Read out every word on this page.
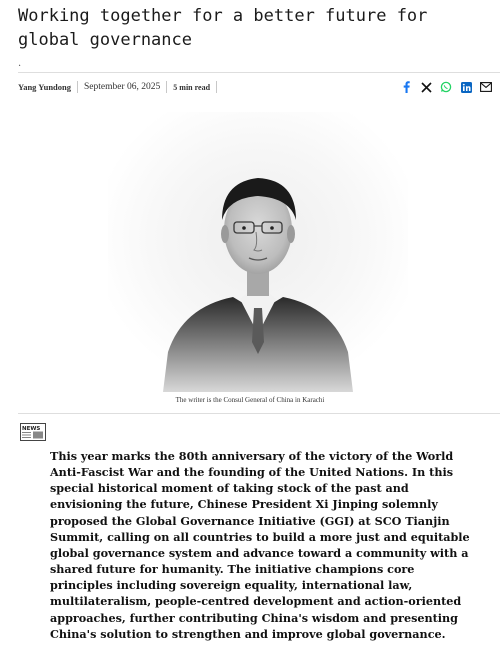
Working together for a better future for global governance
.
Yang Yundong September 06, 2025 5 min read
The writer is the Consul General of China in Karachi
NEWS

This year marks the 80th anniversary of the victory of the World Anti-Fascist War and the founding of the United Nations. In this special historical moment of taking stock of the past and envisioning the future, Chinese President Xi Jinping solemnly proposed the Global Governance Initiative (GGI) at SCO Tianjin Summit, calling on all countries to build a more just and equitable global governance system and advance toward a community with a shared future for humanity. The initiative champions core principles including sovereign equality, international law, multilateralism, people-centred development and action-oriented approaches, further contributing China's wisdom and presenting China's solution to strengthen and improve global governance.
